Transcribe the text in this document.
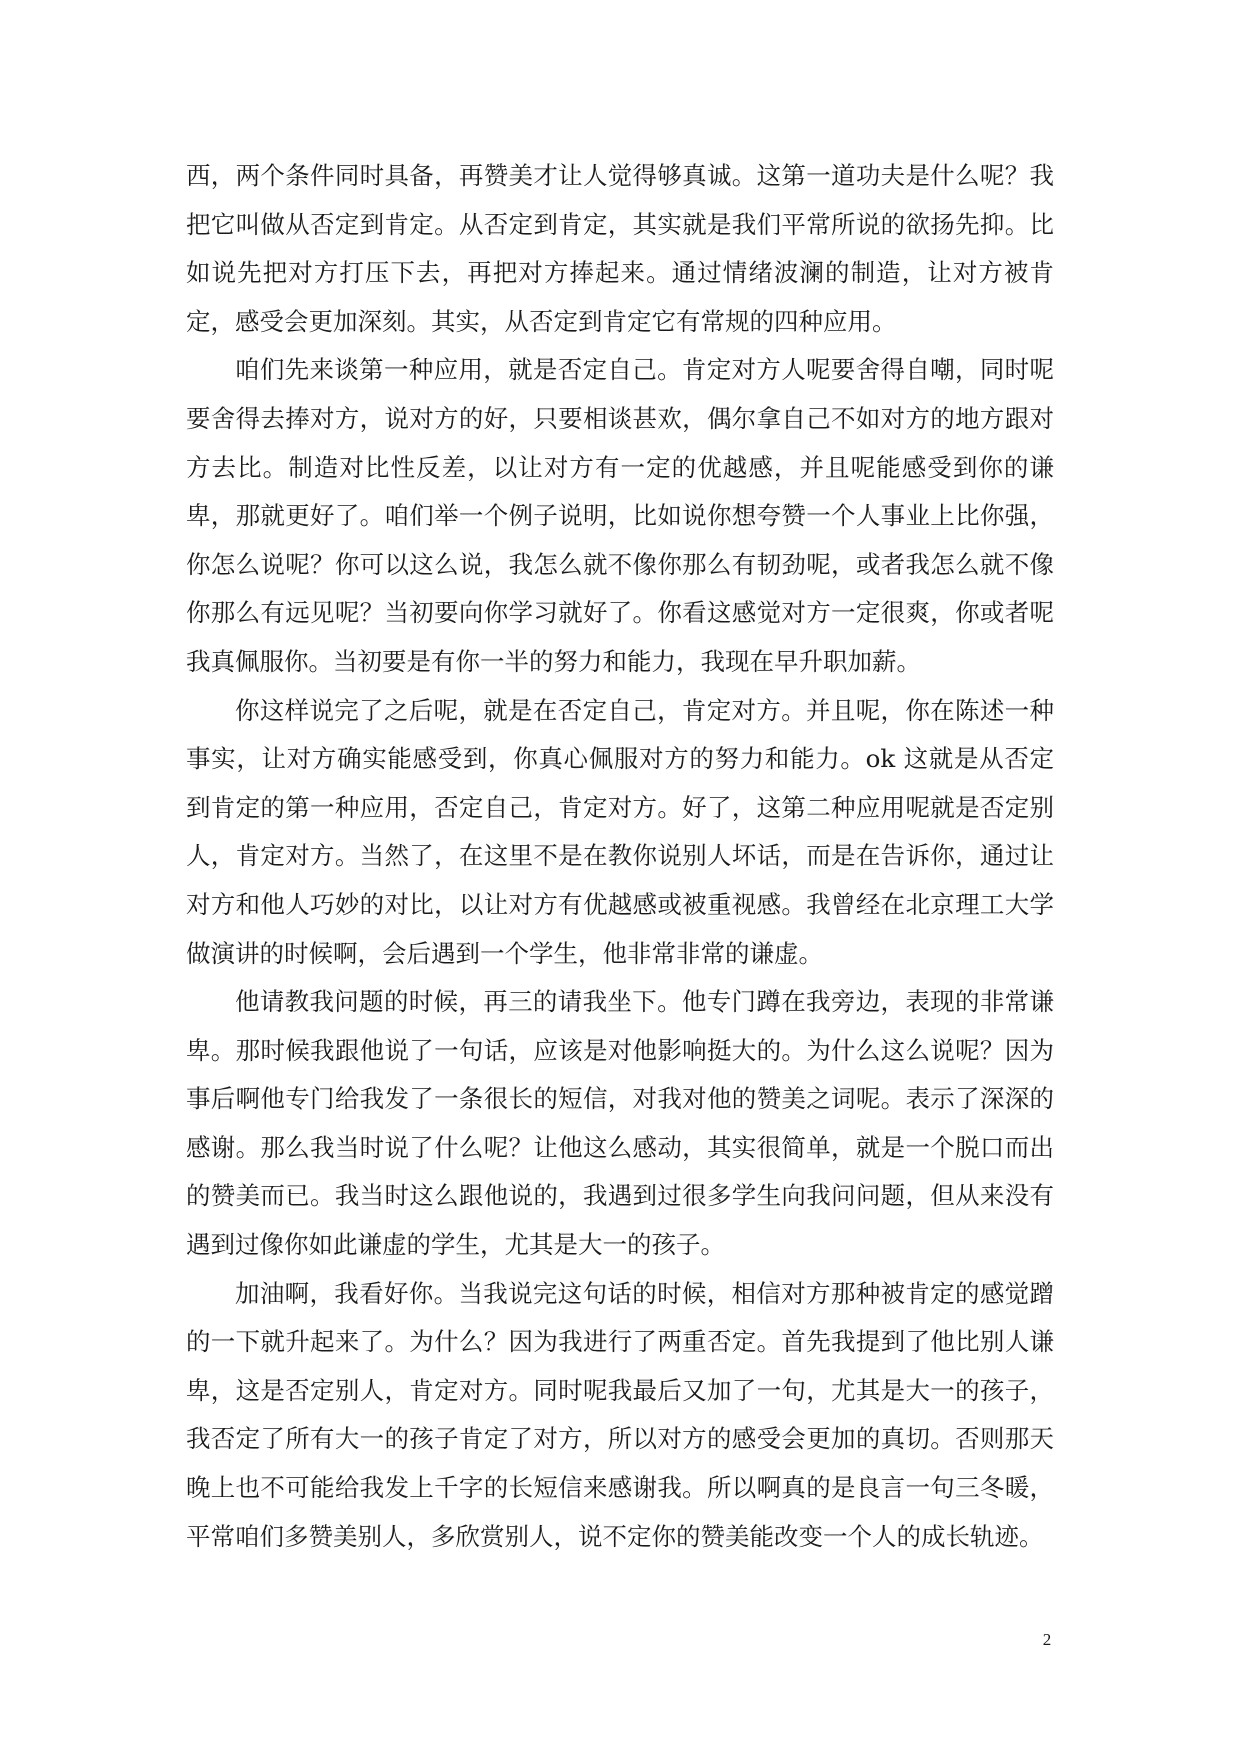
西，两个条件同时具备，再赞美才让人觉得够真诚。这第一道功夫是什么呢？我把它叫做从否定到肯定。从否定到肯定，其实就是我们平常所说的欲扬先抑。比如说先把对方打压下去，再把对方捧起来。通过情绪波澜的制造，让对方被肯定，感受会更加深刻。其实，从否定到肯定它有常规的四种应用。

咱们先来谈第一种应用，就是否定自己。肯定对方人呢要舍得自嘲，同时呢要舍得去捧对方，说对方的好，只要相谈甚欢，偶尔拿自己不如对方的地方跟对方去比。制造对比性反差，以让对方有一定的优越感，并且呢能感受到你的谦卑，那就更好了。咱们举一个例子说明，比如说你想夸赞一个人事业上比你强，你怎么说呢？你可以这么说，我怎么就不像你那么有韧劲呢，或者我怎么就不像你那么有远见呢？当初要向你学习就好了。你看这感觉对方一定很爽，你或者呢我真佩服你。当初要是有你一半的努力和能力，我现在早升职加薪。

你这样说完了之后呢，就是在否定自己，肯定对方。并且呢，你在陈述一种事实，让对方确实能感受到，你真心佩服对方的努力和能力。ok 这就是从否定到肯定的第一种应用，否定自己，肯定对方。好了，这第二种应用呢就是否定别人，肯定对方。当然了，在这里不是在教你说别人坏话，而是在告诉你，通过让对方和他人巧妙的对比，以让对方有优越感或被重视感。我曾经在北京理工大学做演讲的时候啊，会后遇到一个学生，他非常非常的谦虚。

他请教我问题的时候，再三的请我坐下。他专门蹲在我旁边，表现的非常谦卑。那时候我跟他说了一句话，应该是对他影响挺大的。为什么这么说呢？因为事后啊他专门给我发了一条很长的短信，对我对他的赞美之词呢。表示了深深的感谢。那么我当时说了什么呢？让他这么感动，其实很简单，就是一个脱口而出的赞美而已。我当时这么跟他说的，我遇到过很多学生向我问问题，但从来没有遇到过像你如此谦虚的学生，尤其是大一的孩子。

加油啊，我看好你。当我说完这句话的时候，相信对方那种被肯定的感觉蹭的一下就升起来了。为什么？因为我进行了两重否定。首先我提到了他比别人谦卑，这是否定别人，肯定对方。同时呢我最后又加了一句，尤其是大一的孩子，我否定了所有大一的孩子肯定了对方，所以对方的感受会更加的真切。否则那天晚上也不可能给我发上千字的长短信来感谢我。所以啊真的是良言一句三冬暖，平常咱们多赞美别人，多欣赏别人，说不定你的赞美能改变一个人的成长轨迹。

2
